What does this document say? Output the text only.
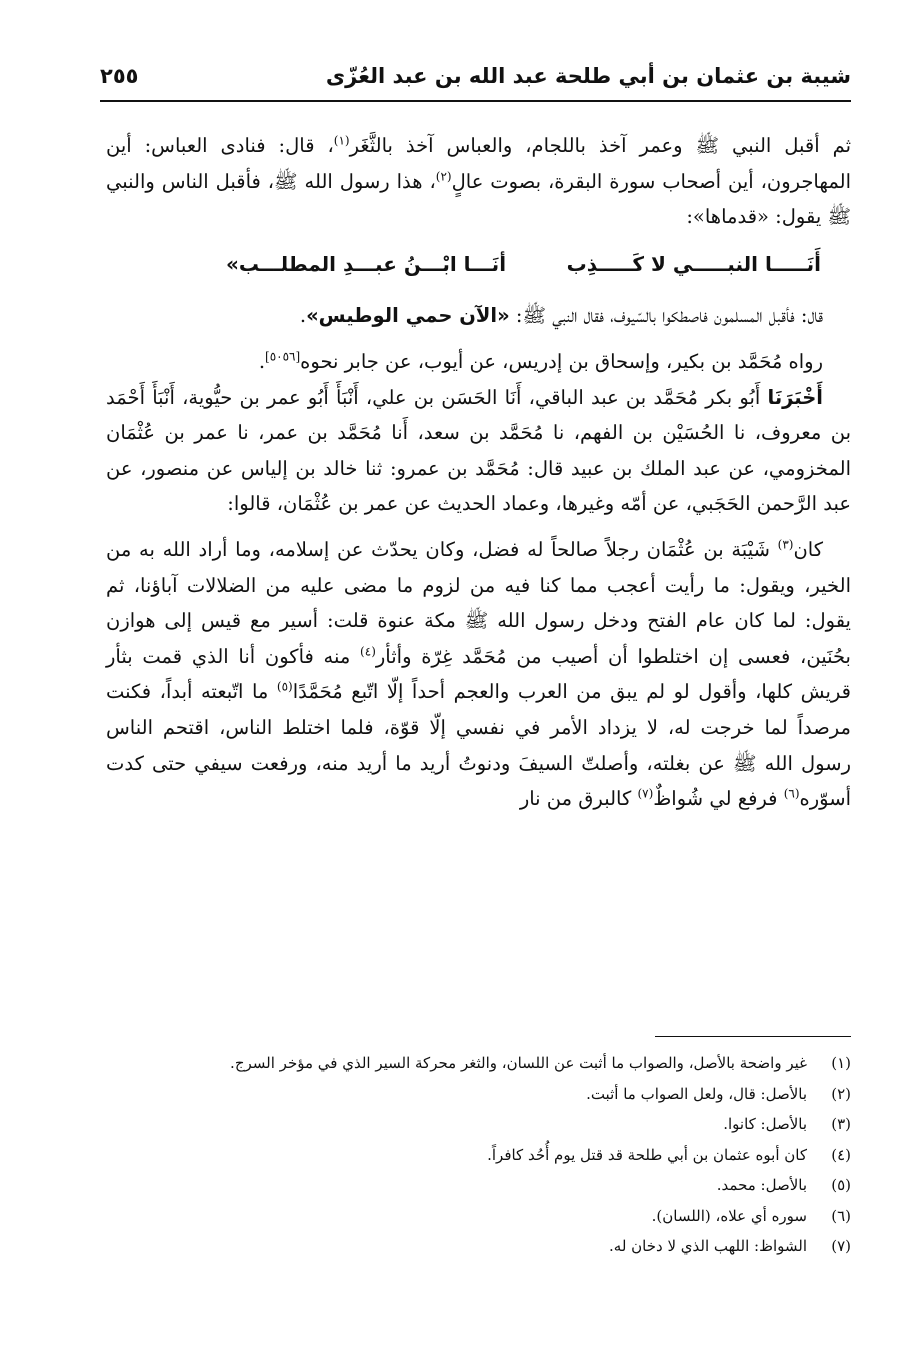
شيبة بن عثمان بن أبي طلحة عبد الله بن عبد العُزّى
٢٥٥

ثم أقبل النبي ﷺ وعمر آخذ باللجام، والعباس آخذ بالثَّغَر$^{(١)}$، قال: فنادى العباس: أين المهاجرون، أين أصحاب سورة البقرة، بصوت عالٍ$^{(٢)}$، هذا رسول الله ﷺ، فأقبل الناس والنبي ﷺ يقول: «قدماها»:

أَنَـــــا النبـــــي لا كَـــــذِب
أنَـــا ابْـــنُ عبـــدِ المطلـــب»

قال: فأقبل المسلمون فاصطكوا بالسّيوف، فقال النبي ﷺ: «الآن حمي الوطيس».

رواه مُحَمَّد بن بكير، وإسحاق بن إدريس، عن أيوب، عن جابر نحوه[٥٠٥٦].

أَخْبَرَنَا أَبُو بكر مُحَمَّد بن عبد الباقي، أَنَا الحَسَن بن علي، أَنْبَأَ أَبُو عمر بن حيُّوية، أَنْبَأَ أَحْمَد بن معروف، نا الحُسَيْن بن الفهم، نا مُحَمَّد بن سعد، أَنا مُحَمَّد بن عمر، نا عمر بن عُثْمَان المخزومي، عن عبد الملك بن عبيد قال: مُحَمَّد بن عمرو: ثنا خالد بن إلياس عن منصور، عن عبد الرَّحمن الحَجَبي، عن أمّه وغيرها، وعماد الحديث عن عمر بن عُثْمَان، قالوا:

كان$^{(٣)}$ شَيْبَة بن عُثْمَان رجلاً صالحاً له فضل، وكان يحدّث عن إسلامه، وما أراد الله به من الخير، ويقول: ما رأيت أعجب مما كنا فيه من لزوم ما مضى عليه من الضلالات آباؤنا، ثم يقول: لما كان عام الفتح ودخل رسول الله ﷺ مكة عنوة قلت: أسير مع قيس إلى هوازن بحُنَين، فعسى إن اختلطوا أن أصيب من مُحَمَّد غِرّة وأثأر$^{(٤)}$ منه فأكون أنا الذي قمت بثأر قريش كلها، وأقول لو لم يبق من العرب والعجم أحداً إلّا اتّبع مُحَمَّدًا$^{(٥)}$ ما اتّبعته أبداً، فكنت مرصداً لما خرجت له، لا يزداد الأمر في نفسي إلّا قوّة، فلما اختلط الناس، اقتحم الناس رسول الله ﷺ عن بغلته، وأصلتّ السيفَ ودنوتُ أريد ما أريد منه، ورفعت سيفي حتى كدت أسوّره$^{(٦)}$ فرفع لي شُواظٌ$^{(٧)}$ كالبرق من نار

(١)
غير واضحة بالأصل، والصواب ما أثبت عن اللسان، والثغر محركة السير الذي في مؤخر السرج.
(٢)
بالأصل: قال، ولعل الصواب ما أثبت.
(٣)
بالأصل: كانوا.
(٤)
كان أبوه عثمان بن أبي طلحة قد قتل يوم أُحُد كافراً.
(٥)
بالأصل: محمد.
(٦)
سوره أي علاه، (اللسان).
(٧)
الشواظ: اللهب الذي لا دخان له.
